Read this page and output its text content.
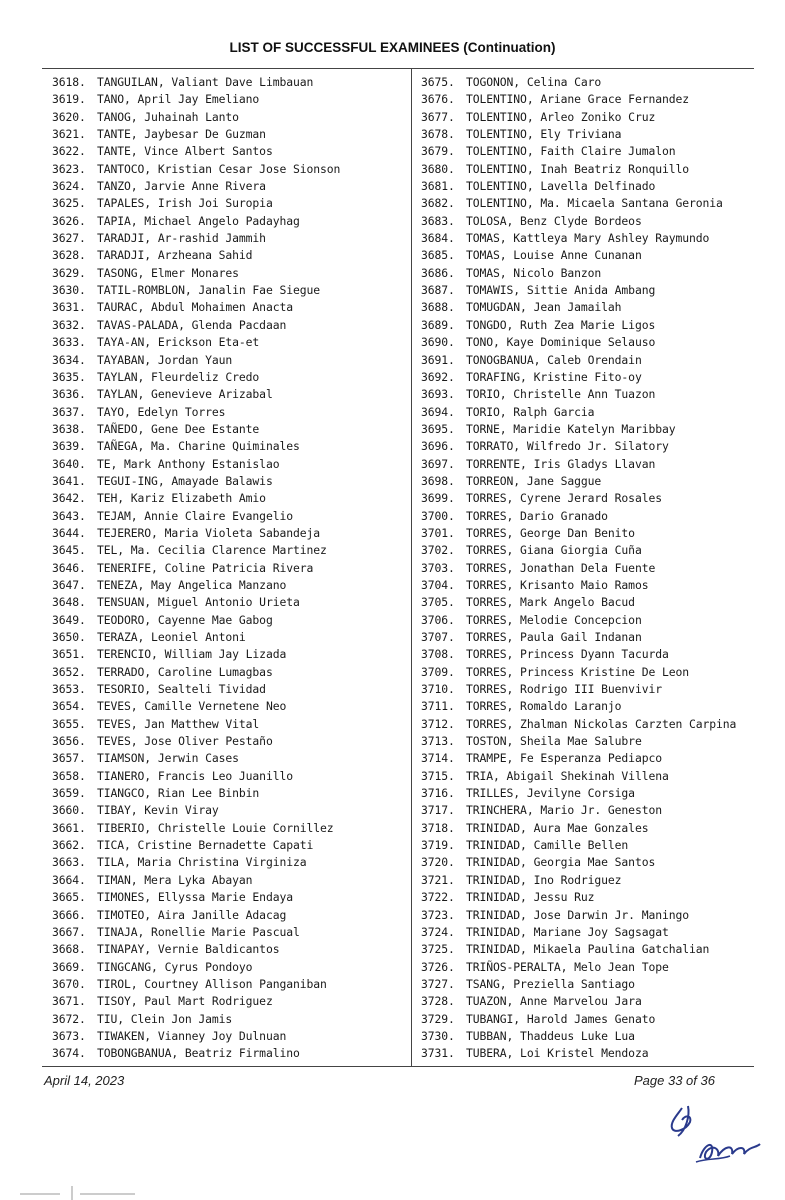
LIST OF SUCCESSFUL EXAMINEES (Continuation)
3618. TANGUILAN, Valiant Dave Limbauan
3619. TANO, April Jay Emeliano
3620. TANOG, Juhainah Lanto
3621. TANTE, Jaybesar De Guzman
3622. TANTE, Vince Albert Santos
3623. TANTOCO, Kristian Cesar Jose Sionson
3624. TANZO, Jarvie Anne Rivera
3625. TAPALES, Irish Joi Suropia
3626. TAPIA, Michael Angelo Padayhag
3627. TARADJI, Ar-rashid Jammih
3628. TARADJI, Arzheana Sahid
3629. TASONG, Elmer Monares
3630. TATIL-ROMBLON, Janalin Fae Siegue
3631. TAURAC, Abdul Mohaimen Anacta
3632. TAVAS-PALADA, Glenda Pacdaan
3633. TAYA-AN, Erickson Eta-et
3634. TAYABAN, Jordan Yaun
3635. TAYLAN, Fleurdeliz Credo
3636. TAYLAN, Genevieve Arizabal
3637. TAYO, Edelyn Torres
3638. TAÑEDO, Gene Dee Estante
3639. TAÑEGA, Ma. Charine Quiminales
3640. TE, Mark Anthony Estanislao
3641. TEGUI-ING, Amayade Balawis
3642. TEH, Kariz Elizabeth Amio
3643. TEJAM, Annie Claire Evangelio
3644. TEJERERO, Maria Violeta Sabandeja
3645. TEL, Ma. Cecilia Clarence Martinez
3646. TENERIFE, Coline Patricia Rivera
3647. TENEZA, May Angelica Manzano
3648. TENSUAN, Miguel Antonio Urieta
3649. TEODORO, Cayenne Mae Gabog
3650. TERAZA, Leoniel Antoni
3651. TERENCIO, William Jay Lizada
3652. TERRADO, Caroline Lumagbas
3653. TESORIO, Sealteli Tividad
3654. TEVES, Camille Vernetene Neo
3655. TEVES, Jan Matthew Vital
3656. TEVES, Jose Oliver Pestaño
3657. TIAMSON, Jerwin Cases
3658. TIANERO, Francis Leo Juanillo
3659. TIANGCO, Rian Lee Binbin
3660. TIBAY, Kevin Viray
3661. TIBERIO, Christelle Louie Cornillez
3662. TICA, Cristine Bernadette Capati
3663. TILA, Maria Christina Virginiza
3664. TIMAN, Mera Lyka Abayan
3665. TIMONES, Ellyssa Marie Endaya
3666. TIMOTEO, Aira Janille Adacag
3667. TINAJA, Ronellie Marie Pascual
3668. TINAPAY, Vernie Baldicantos
3669. TINGCANG, Cyrus Pondoyo
3670. TIROL, Courtney Allison Panganiban
3671. TISOY, Paul Mart Rodriguez
3672. TIU, Clein Jon Jamis
3673. TIWAKEN, Vianney Joy Dulnuan
3674. TOBONGBANUA, Beatriz Firmalino
3675. TOGONON, Celina Caro
3676. TOLENTINO, Ariane Grace Fernandez
3677. TOLENTINO, Arleo Zoniko Cruz
3678. TOLENTINO, Ely Triviana
3679. TOLENTINO, Faith Claire Jumalon
3680. TOLENTINO, Inah Beatriz Ronquillo
3681. TOLENTINO, Lavella Delfinado
3682. TOLENTINO, Ma. Micaela Santana Geronia
3683. TOLOSA, Benz Clyde Bordeos
3684. TOMAS, Kattleya Mary Ashley Raymundo
3685. TOMAS, Louise Anne Cunanan
3686. TOMAS, Nicolo Banzon
3687. TOMAWIS, Sittie Anida Ambang
3688. TOMUGDAN, Jean Jamailah
3689. TONGDO, Ruth Zea Marie Ligos
3690. TONO, Kaye Dominique Selauso
3691. TONOGBANUA, Caleb Orendain
3692. TORAFING, Kristine Fito-oy
3693. TORIO, Christelle Ann Tuazon
3694. TORIO, Ralph Garcia
3695. TORNE, Maridie Katelyn Maribbay
3696. TORRATO, Wilfredo Jr. Silatory
3697. TORRENTE, Iris Gladys Llavan
3698. TORREON, Jane Saggue
3699. TORRES, Cyrene Jerard Rosales
3700. TORRES, Dario Granado
3701. TORRES, George Dan Benito
3702. TORRES, Giana Giorgia Cuña
3703. TORRES, Jonathan Dela Fuente
3704. TORRES, Krisanto Maio Ramos
3705. TORRES, Mark Angelo Bacud
3706. TORRES, Melodie Concepcion
3707. TORRES, Paula Gail Indanan
3708. TORRES, Princess Dyann Tacurda
3709. TORRES, Princess Kristine De Leon
3710. TORRES, Rodrigo III Buenvivir
3711. TORRES, Romaldo Laranjo
3712. TORRES, Zhalman Nickolas Carzten Carpina
3713. TOSTON, Sheila Mae Salubre
3714. TRAMPE, Fe Esperanza Pediapco
3715. TRIA, Abigail Shekinah Villena
3716. TRILLES, Jevilyne Corsiga
3717. TRINCHERA, Mario Jr. Geneston
3718. TRINIDAD, Aura Mae Gonzales
3719. TRINIDAD, Camille Bellen
3720. TRINIDAD, Georgia Mae Santos
3721. TRINIDAD, Ino Rodriguez
3722. TRINIDAD, Jessu Ruz
3723. TRINIDAD, Jose Darwin Jr. Maningo
3724. TRINIDAD, Mariane Joy Sagsagat
3725. TRINIDAD, Mikaela Paulina Gatchalian
3726. TRIÑOS-PERALTA, Melo Jean Tope
3727. TSANG, Preziella Santiago
3728. TUAZON, Anne Marvelou Jara
3729. TUBANGI, Harold James Genato
3730. TUBBAN, Thaddeus Luke Lua
3731. TUBERA, Loi Kristel Mendoza
April 14, 2023	Page 33 of 36
